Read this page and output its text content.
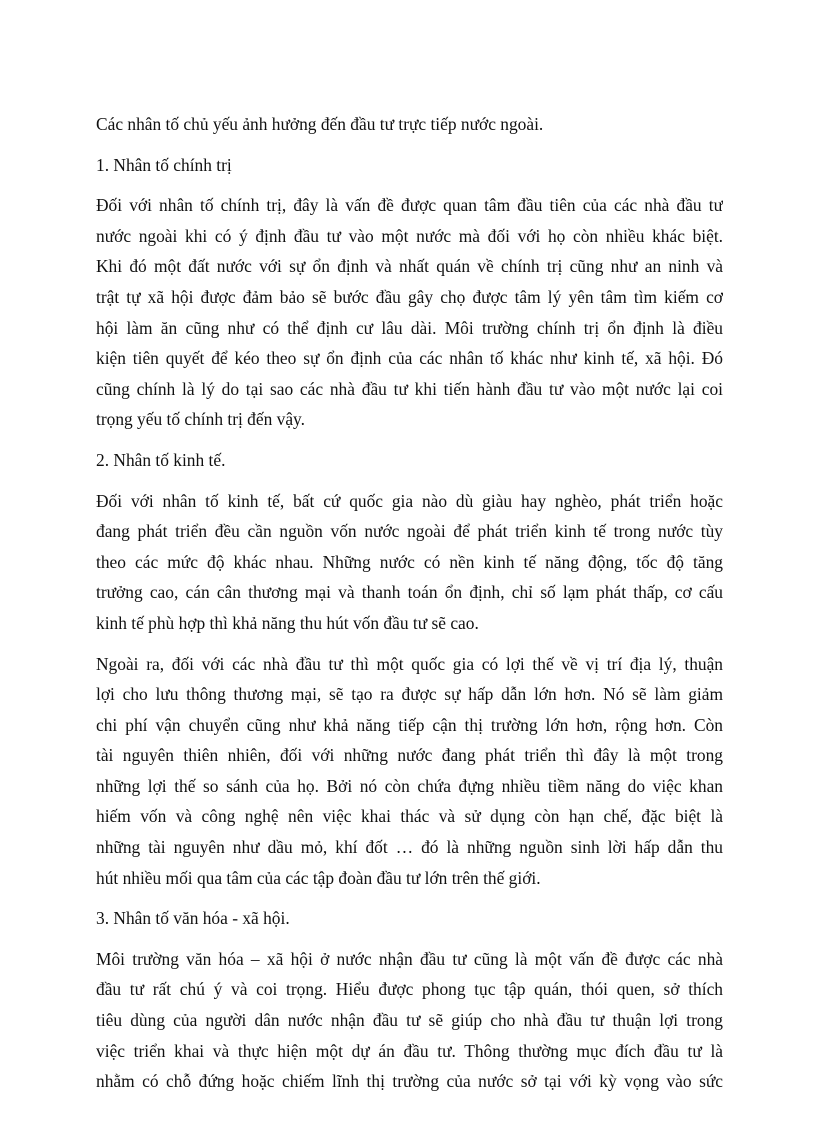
Các nhân tố chủ yếu ảnh hưởng đến đầu tư trực tiếp nước ngoài.
1. Nhân tố chính trị
Đối với nhân tố chính trị, đây là vấn đề được quan tâm đầu tiên của các nhà đầu tư
nước ngoài khi có ý định đầu tư vào một nước mà đối với họ còn nhiều khác biệt.
Khi đó một đất nước với sự ổn định và nhất quán về chính trị cũng như an ninh và
trật tự xã hội được đảm bảo sẽ bước đầu gây chọ được tâm lý yên tâm tìm kiếm cơ
hội làm ăn cũng như có thể định cư lâu dài. Môi trường chính trị ổn định là điều
kiện tiên quyết để kéo theo sự ổn định của các nhân tố khác như kinh tế, xã hội. Đó
cũng chính là lý do tại sao các nhà đầu tư khi tiến hành đầu tư vào một nước lại coi
trọng yếu tố chính trị đến vậy.
2. Nhân tố kinh tế.
Đối với nhân tố kinh tế, bất cứ quốc gia nào dù giàu hay nghèo, phát triển hoặc
đang phát triển đều cần nguồn vốn nước ngoài để phát triển kinh tế trong nước tùy
theo các mức độ khác nhau. Những nước có nền kinh tế năng động, tốc độ tăng
trưởng cao, cán cân thương mại và thanh toán ổn định, chỉ số lạm phát thấp, cơ cấu
kinh tế phù hợp thì khả năng thu hút vốn đầu tư sẽ cao.
Ngoài ra, đối với các nhà đầu tư thì một quốc gia có lợi thế về vị trí địa lý, thuận
lợi cho lưu thông thương mại, sẽ tạo ra được sự hấp dẫn lớn hơn. Nó sẽ làm giảm
chi phí vận chuyển cũng như khả năng tiếp cận thị trường lớn hơn, rộng hơn. Còn
tài nguyên thiên nhiên, đối với những nước đang phát triển thì đây là một trong
những lợi thế so sánh của họ. Bởi nó còn chứa đựng nhiều tiềm năng do việc khan
hiếm vốn và công nghệ nên việc khai thác và sử dụng còn hạn chế, đặc biệt là
những tài nguyên như dầu mỏ, khí đốt … đó là những nguồn sinh lời hấp dẫn thu
hút nhiều mối qua tâm của các tập đoàn đầu tư lớn trên thế giới.
3. Nhân tố văn hóa - xã hội.
Môi trường văn hóa – xã hội ở nước nhận đầu tư cũng là một vấn đề được các nhà
đầu tư rất chú ý và coi trọng. Hiểu được phong tục tập quán, thói quen, sở thích
tiêu dùng của người dân nước nhận đầu tư sẽ giúp cho nhà đầu tư thuận lợi trong
việc triển khai và thực hiện một dự án đầu tư. Thông thường mục đích đầu tư là
nhằm có chỗ đứng hoặc chiếm lĩnh thị trường của nước sở tại với kỳ vọng vào sức
